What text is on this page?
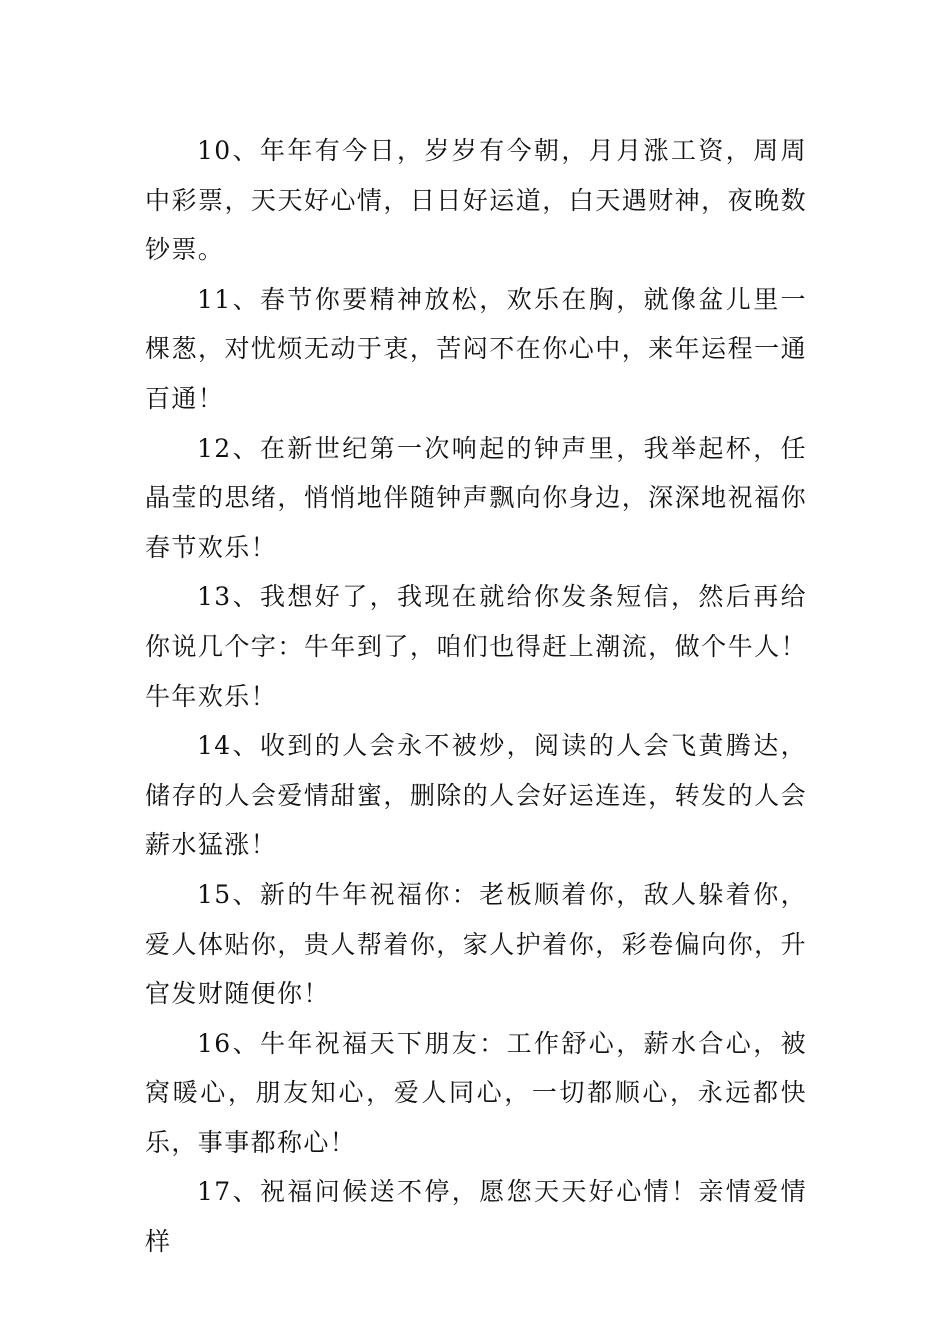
10、年年有今日，岁岁有今朝，月月涨工资，周周中彩票，天天好心情，日日好运道，白天遇财神，夜晚数钞票。

11、春节你要精神放松，欢乐在胸，就像盆儿里一棵葱，对忧烦无动于衷，苦闷不在你心中，来年运程一通百通！

12、在新世纪第一次响起的钟声里，我举起杯，任晶莹的思绪，悄悄地伴随钟声飘向你身边，深深地祝福你春节欢乐！

13、我想好了，我现在就给你发条短信，然后再给你说几个字：牛年到了，咱们也得赶上潮流，做个牛人！牛年欢乐！

14、收到的人会永不被炒，阅读的人会飞黄腾达，储存的人会爱情甜蜜，删除的人会好运连连，转发的人会薪水猛涨！

15、新的牛年祝福你：老板顺着你，敌人躲着你，爱人体贴你，贵人帮着你，家人护着你，彩卷偏向你，升官发财随便你！

16、牛年祝福天下朋友：工作舒心，薪水合心，被窝暖心，朋友知心，爱人同心，一切都顺心，永远都快乐，事事都称心！

17、祝福问候送不停，愿您天天好心情！亲情爱情样
